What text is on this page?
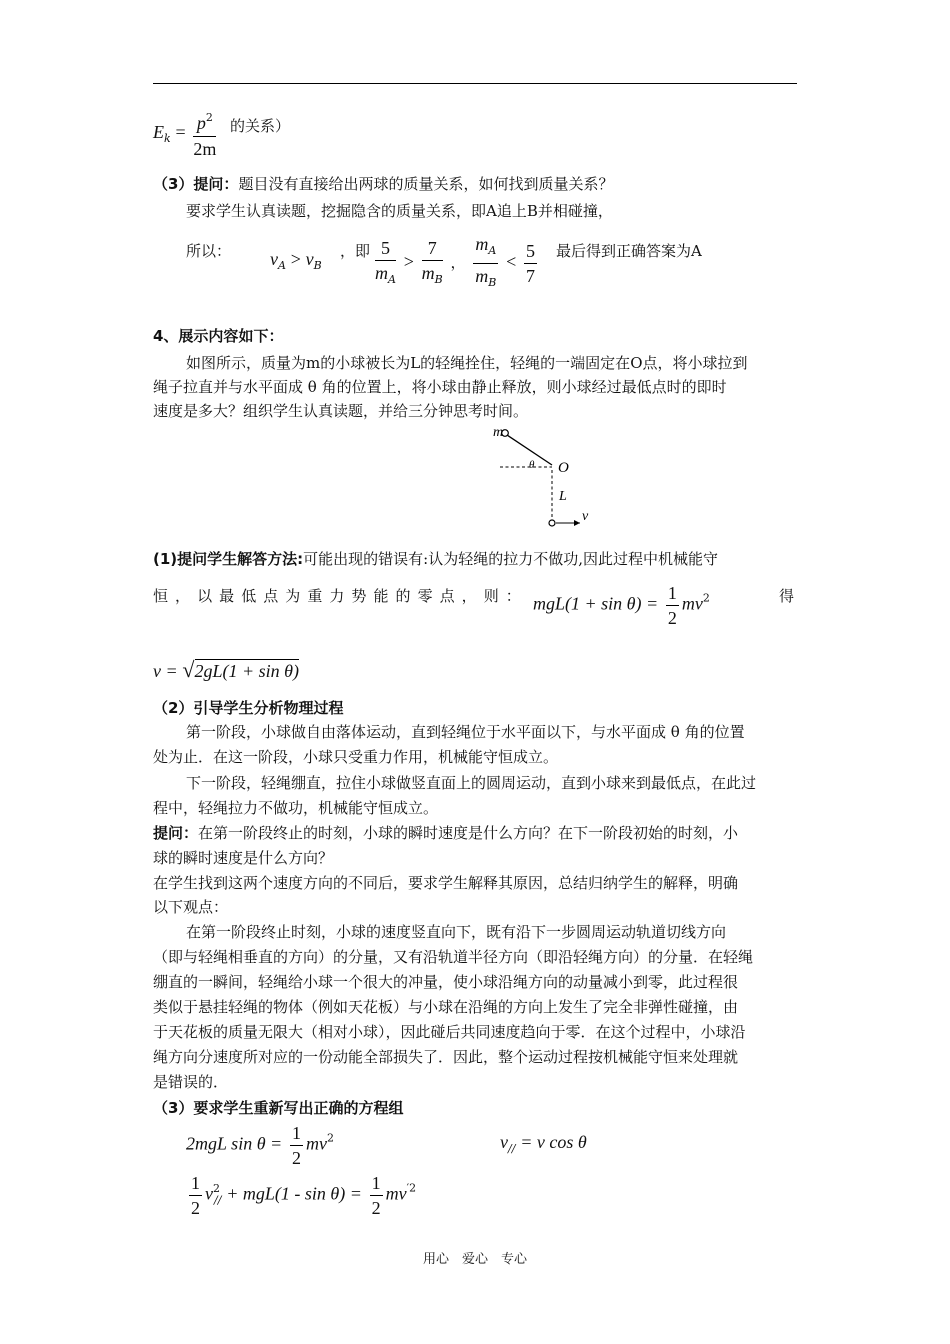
$E_k = \frac{p^2}{2m}$ 的关系）
（3）提问：题目没有直接给出两球的质量关系，如何找到质量关系？
要求学生认真读题，挖掘隐含的质量关系，即A追上B并相碰撞，
所以： $v_A > v_B$
，即 $\frac{5}{m_A} > \frac{7}{m_B}$ ， $\frac{m_A}{m_B} < \frac{5}{7}$ 最后得到正确答案为A
4、展示内容如下：
如图所示，质量为m的小球被长为L的轻绳拴住，轻绳的一端固定在O点，将小球拉到
绳子拉直并与水平面成 θ 角的位置上，将小球由静止释放，则小球经过最低点时的即时
速度是多大？组织学生认真读题，并给三分钟思考时间。
m
θ O
L
v
(1)提问学生解答方法:可能出现的错误有:认为轻绳的拉力不做功,因此过程中机械能守
恒 ， 以 最 低 点 为 重 力 势 能 的 零 点 ， 则 ： $mgL(1 + \sin \theta) = \frac{1}{2} mv^2$	得
v = √2gL(1 + sin θ)
（2）引导学生分析物理过程
第一阶段，小球做自由落体运动，直到轻绳位于水平面以下，与水平面成 θ 角的位置
处为止．在这一阶段，小球只受重力作用，机械能守恒成立。
下一阶段，轻绳绷直，拉住小球做竖直面上的圆周运动，直到小球来到最低点，在此过
程中，轻绳拉力不做功，机械能守恒成立。
提问：在第一阶段终止的时刻，小球的瞬时速度是什么方向？在下一阶段初始的时刻，小
球的瞬时速度是什么方向？
在学生找到这两个速度方向的不同后，要求学生解释其原因，总结归纳学生的解释，明确
以下观点：
在第一阶段终止时刻，小球的速度竖直向下，既有沿下一步圆周运动轨道切线方向
（即与轻绳相垂直的方向）的分量，又有沿轨道半径方向（即沿轻绳方向）的分量．在轻绳
绷直的一瞬间，轻绳给小球一个很大的冲量，使小球沿绳方向的动量减小到零，此过程很
类似于悬挂轻绳的物体（例如天花板）与小球在沿绳的方向上发生了完全非弹性碰撞，由
于天花板的质量无限大（相对小球），因此碰后共同速度趋向于零．在这个过程中，小球沿
绳方向分速度所对应的一份动能全部损失了．因此，整个运动过程按机械能守恒来处理就
是错误的．
（3）要求学生重新写出正确的方程组
2mgL $\sin \theta = \frac{1}{2} mv^2$	$v_{//} = v$ cos θ
$\frac{1}{2} v^2_{//} + mgL(1 - \sin \theta) = \frac{1}{2} mv^{'2}$
用心　爱心　专心
